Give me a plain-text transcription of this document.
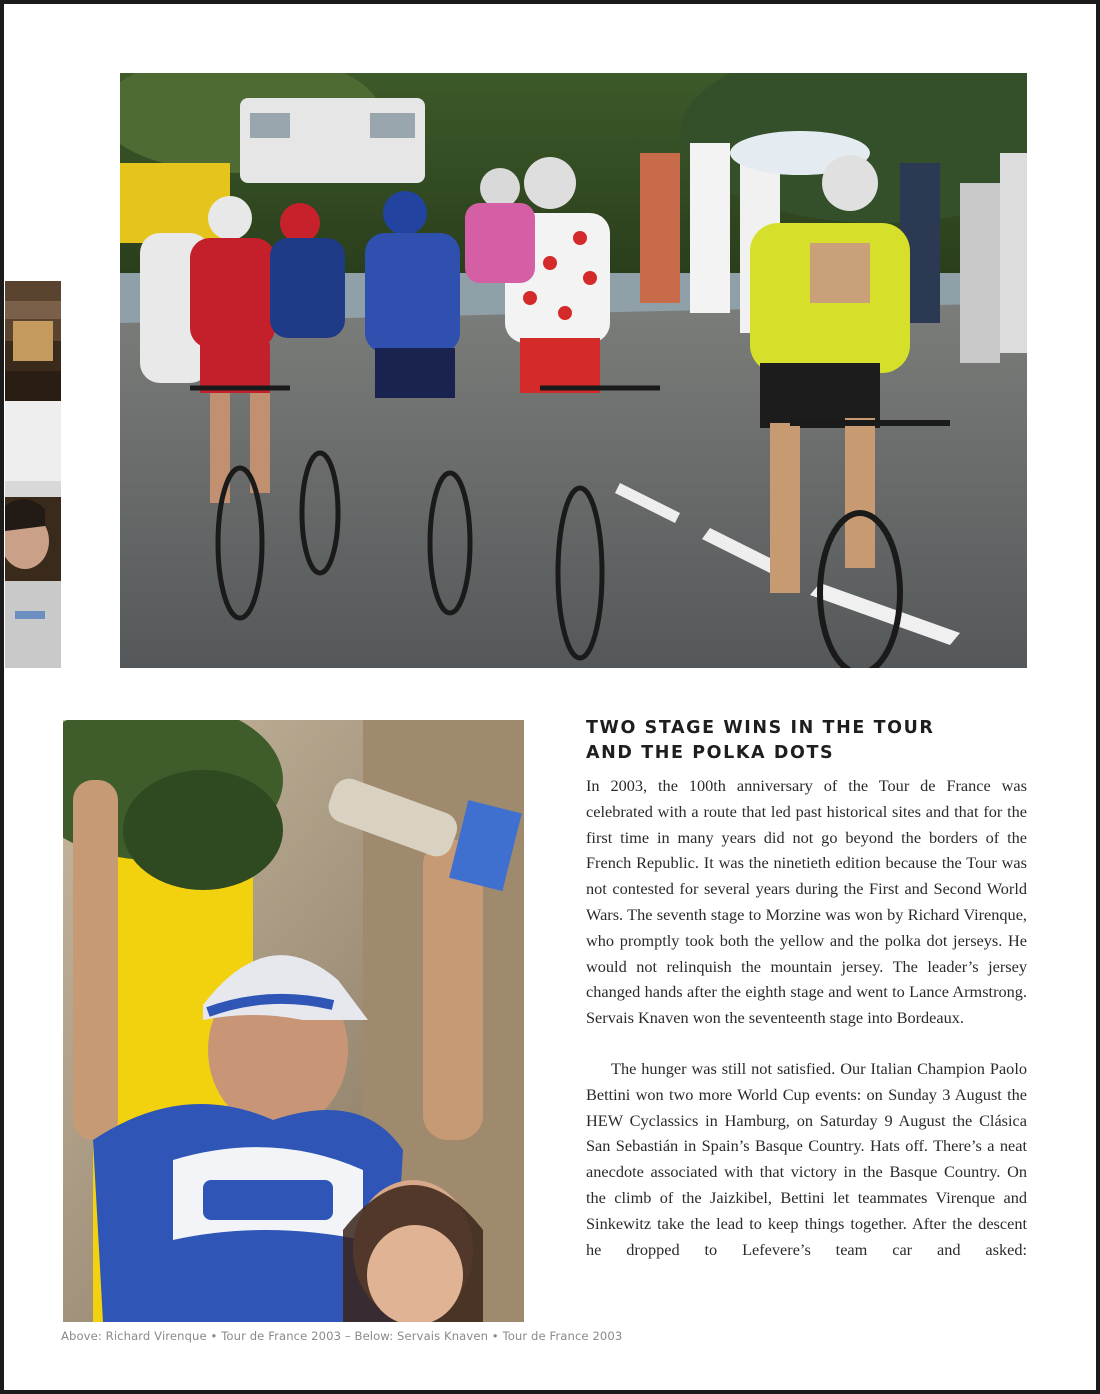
TWO STAGE WINS IN THE TOUR
AND THE POLKA DOTS

In 2003, the 100th anniversary of the Tour de France was celebrated with a route that led past historical sites and that for the first time in many years did not go beyond the borders of the French Republic. It was the ninetieth edition because the Tour was not contested for several years during the First and Second World Wars. The seventh stage to Morzine was won by Richard Virenque, who promptly took both the yellow and the polka dot jerseys. He would not relinquish the mountain jersey. The leader’s jersey changed hands after the eighth stage and went to Lance Armstrong. Servais Knaven won the seventeenth stage into Bordeaux.

The hunger was still not satisfied. Our Italian Champion Paolo Bettini won two more World Cup events: on Sunday 3 August the HEW Cyclassics in Hamburg, on Saturday 9 August the Clásica San Sebastián in Spain’s Basque Country. Hats off. There’s a neat anecdote associated with that victory in the Basque Country. On the climb of the Jaizkibel, Bettini let teammates Virenque and Sinkewitz take the lead to keep things together. After the descent he dropped to Lefevere’s team car and asked:

Above: Richard Virenque • Tour de France 2003 – Below: Servais Knaven • Tour de France 2003
